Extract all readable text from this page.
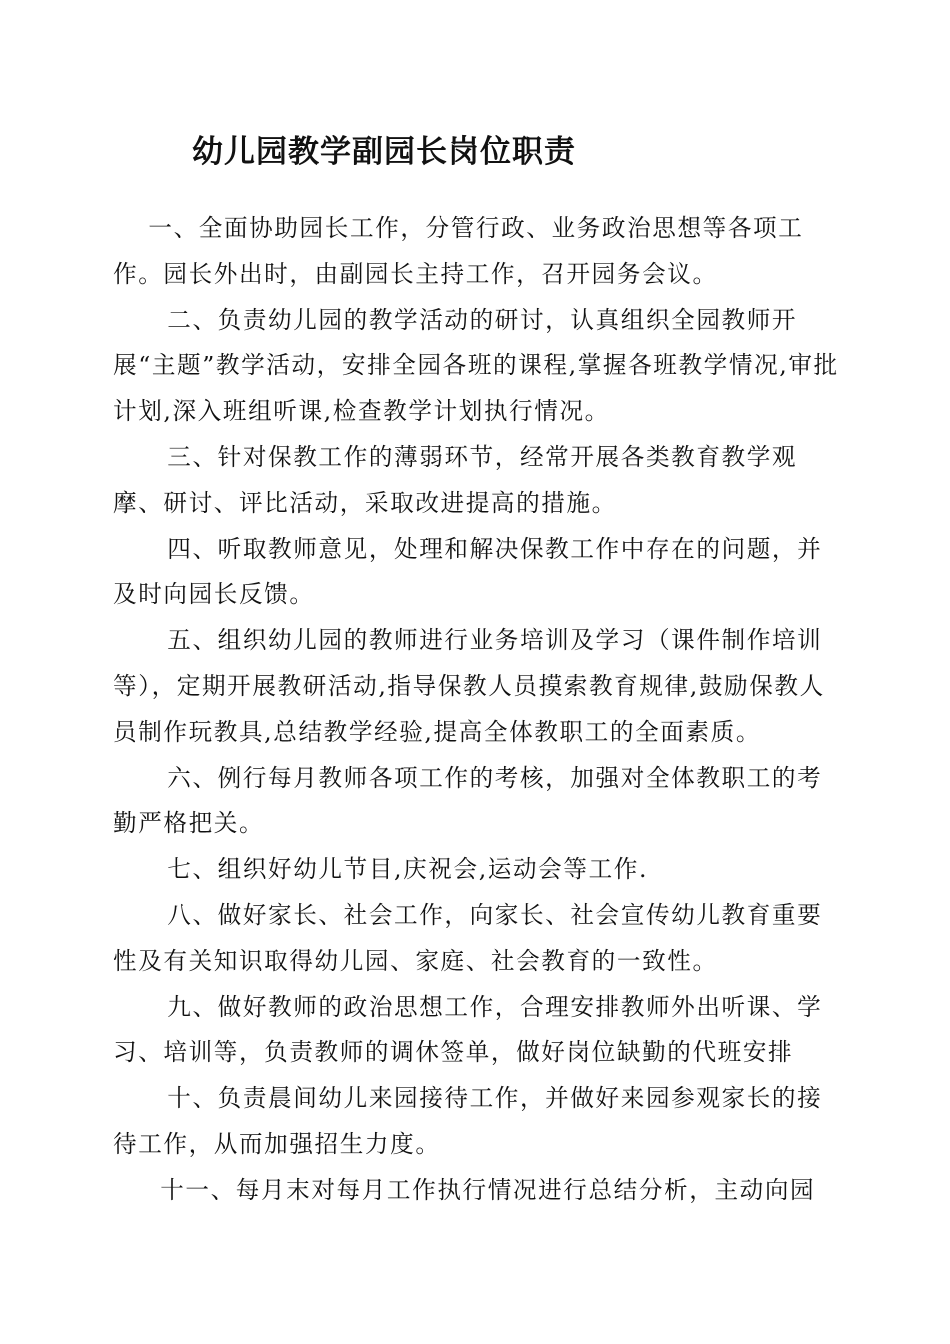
幼儿园教学副园长岗位职责

一、全面协助园长工作，分管行政、业务政治思想等各项工作。园长外出时，由副园长主持工作，召开园务会议。

二、负责幼儿园的教学活动的研讨，认真组织全园教师开展“主题”教学活动，安排全园各班的课程,掌握各班教学情况,审批计划,深入班组听课,检查教学计划执行情况。

三、针对保教工作的薄弱环节，经常开展各类教育教学观摩、研讨、评比活动，采取改进提高的措施。

四、听取教师意见，处理和解决保教工作中存在的问题，并及时向园长反馈。

五、组织幼儿园的教师进行业务培训及学习（课件制作培训等），定期开展教研活动,指导保教人员摸索教育规律,鼓励保教人员制作玩教具,总结教学经验,提高全体教职工的全面素质。

六、例行每月教师各项工作的考核，加强对全体教职工的考勤严格把关。

七、组织好幼儿节目,庆祝会,运动会等工作.

八、做好家长、社会工作，向家长、社会宣传幼儿教育重要性及有关知识取得幼儿园、家庭、社会教育的一致性。

九、做好教师的政治思想工作，合理安排教师外出听课、学习、培训等，负责教师的调休签单，做好岗位缺勤的代班安排

十、负责晨间幼儿来园接待工作，并做好来园参观家长的接待工作，从而加强招生力度。

十一、每月末对每月工作执行情况进行总结分析，主动向园
